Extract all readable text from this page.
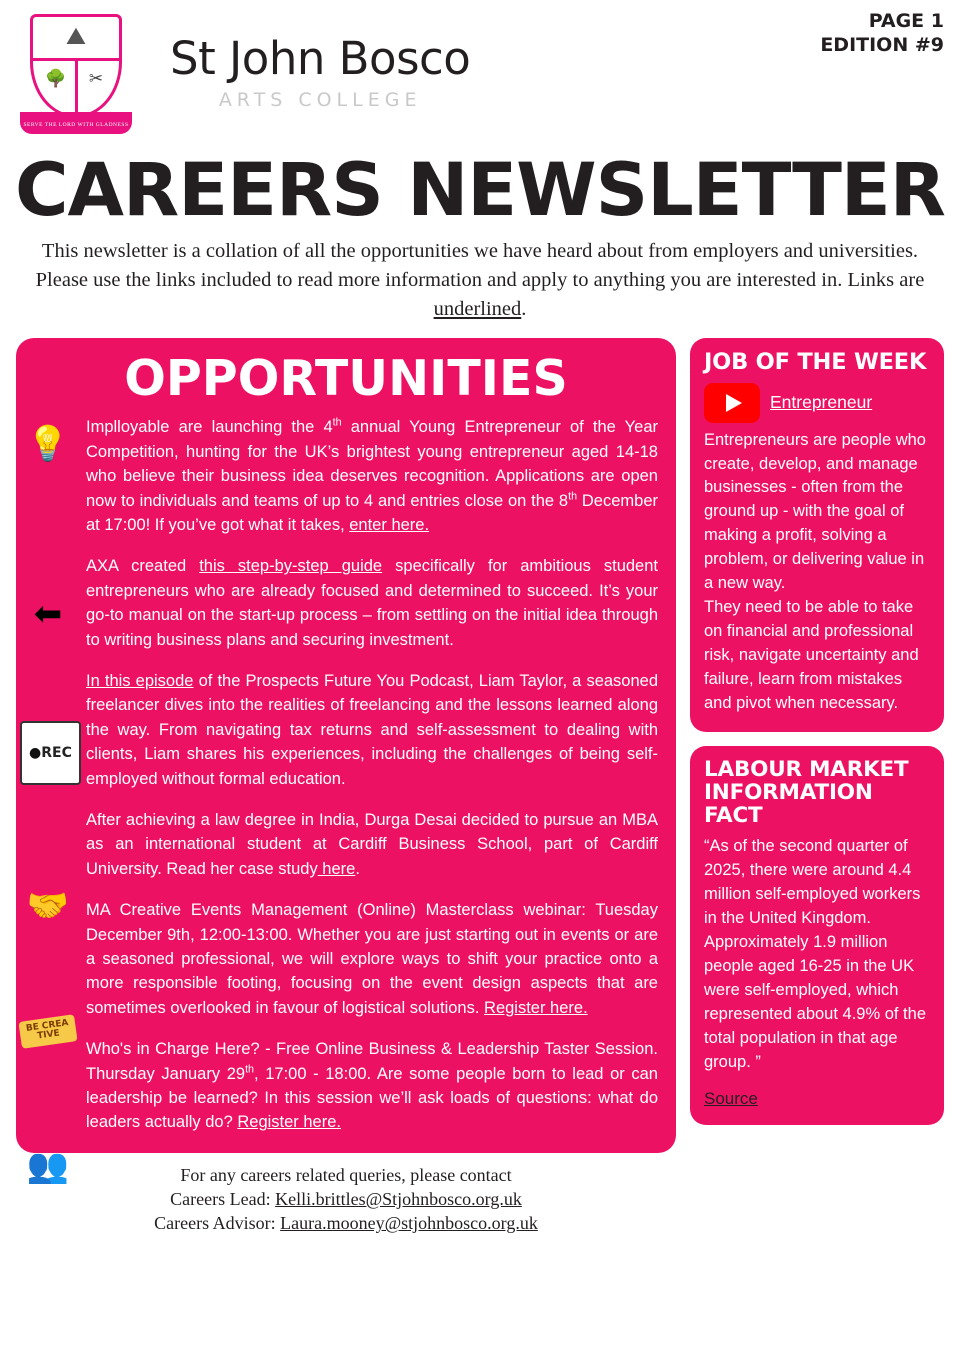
⛰
🌳	✂
SERVE THE LORD WITH GLADNESS
St John Bosco
ARTS COLLEGE
PAGE 1
EDITION #9
CAREERS NEWSLETTER
This newsletter is a collation of all the opportunities we have heard about from employers and universities. Please use the links included to read more information and apply to anything you are interested in. Links are underlined.
OPPORTUNITIES
💡
⬅
●REC
🤝
BE CREA TIVE
👥

Implloyable are launching the 4th annual Young Entrepreneur of the Year Competition, hunting for the UK’s brightest young entrepreneur aged 14-18 who believe their business idea deserves recognition. Applications are open now to individuals and teams of up to 4 and entries close on the 8th December at 17:00! If you’ve got what it takes, enter here.

AXA created this step-by-step guide specifically for ambitious student entrepreneurs who are already focused and determined to succeed. It’s your go-to manual on the start-up process – from settling on the initial idea through to writing business plans and securing investment.

In this episode of the Prospects Future You Podcast, Liam Taylor, a seasoned freelancer dives into the realities of freelancing and the lessons learned along the way. From navigating tax returns and self-assessment to dealing with clients, Liam shares his experiences, including the challenges of being self-employed without formal education.

After achieving a law degree in India, Durga Desai decided to pursue an MBA as an international student at Cardiff Business School, part of Cardiff University. Read her case study here.

MA Creative Events Management (Online) Masterclass webinar: Tuesday December 9th, 12:00-13:00. Whether you are just starting out in events or are a seasoned professional, we will explore ways to shift your practice onto a more responsible footing, focusing on the event design aspects that are sometimes overlooked in favour of logistical solutions. Register here.

Who's in Charge Here? - Free Online Business & Leadership Taster Session. Thursday January 29th, 17:00 - 18:00. Are some people born to lead or can leadership be learned? In this session we’ll ask loads of questions: what do leaders actually do? Register here.

For any careers related queries, please contact
Careers Lead: Kelli.brittles@Stjohnbosco.org.uk
Careers Advisor: Laura.mooney@stjohnbosco.org.uk
JOB OF THE WEEK
Entrepreneur

Entrepreneurs are people who create, develop, and manage businesses - often from the ground up - with the goal of making a profit, solving a problem, or delivering value in a new way.

They need to be able to take on financial and professional risk, navigate uncertainty and failure, learn from mistakes and pivot when necessary.

LABOUR MARKET
INFORMATION FACT

“As of the second quarter of 2025, there were around 4.4 million self-employed workers in the United Kingdom. Approximately 1.9 million people aged 16-25 in the UK were self-employed, which represented about 4.9% of the total population in that age group. ”

Source
